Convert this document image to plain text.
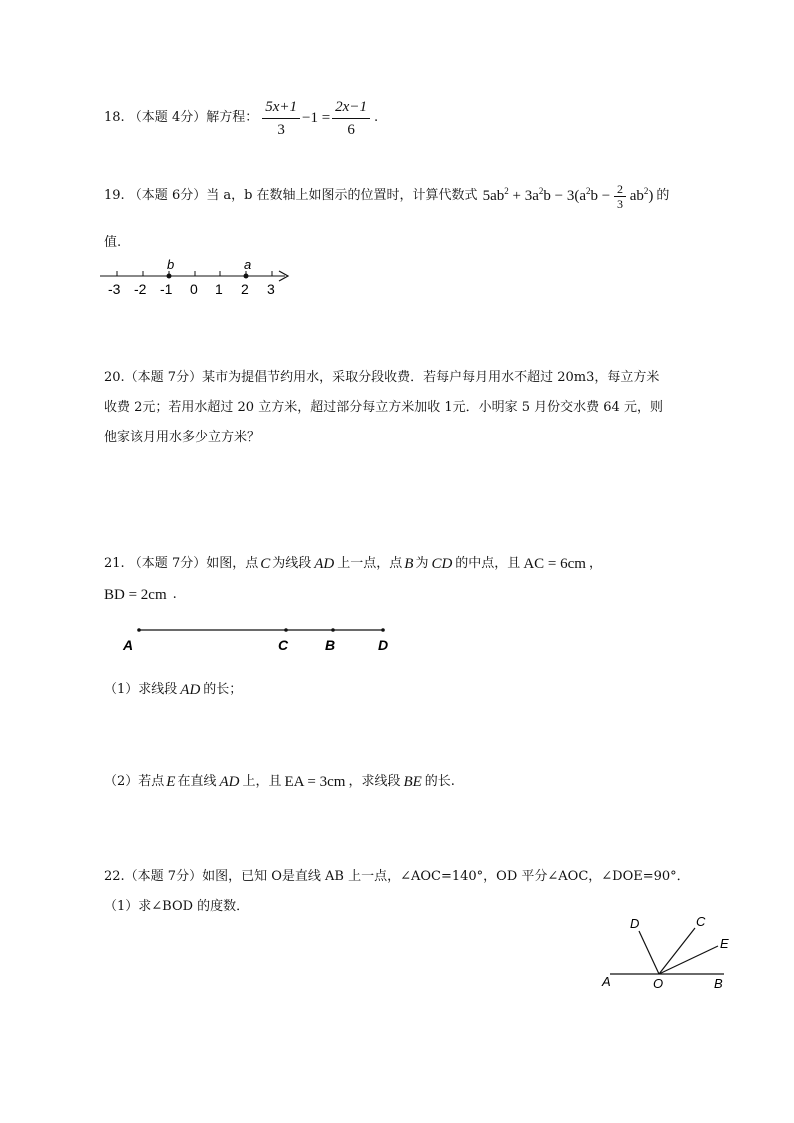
18. （本题 4分）解方程： $\frac{5x+1}{3} -1 = \frac{2x-1}{6}$ .
19. （本题 6分）当 a，b 在数轴上如图示的位置时，计算代数式 $5ab^2 + 3a^2b - 3(a^2b - \frac{2}{3} ab^2)$ 的
值.
b	a
-3 -2 -1 0 1 2 3
20.（本题 7分）某市为提倡节约用水，采取分段收费．若每户每月用水不超过 20m3，每立方米
收费 2元；若用水超过 20 立方米，超过部分每立方米加收 1元．小明家 5 月份交水费 64 元，则
他家该月用水多少立方米？
21. （本题 7分）如图，点 C 为线段 AD 上一点，点 B 为 CD 的中点，且 AC = 6cm ，
BD = 2cm .
A	C	B	D
（1）求线段 AD 的长；
（2）若点 E 在直线 AD 上，且 EA = 3cm ，求线段 BE 的长.
22.（本题 7分）如图，已知 O是直线 AB 上一点，∠AOC=140°，OD 平分∠AOC，∠DOE=90°．
（1）求∠BOD 的度数．
D	C
E
A	O	B
